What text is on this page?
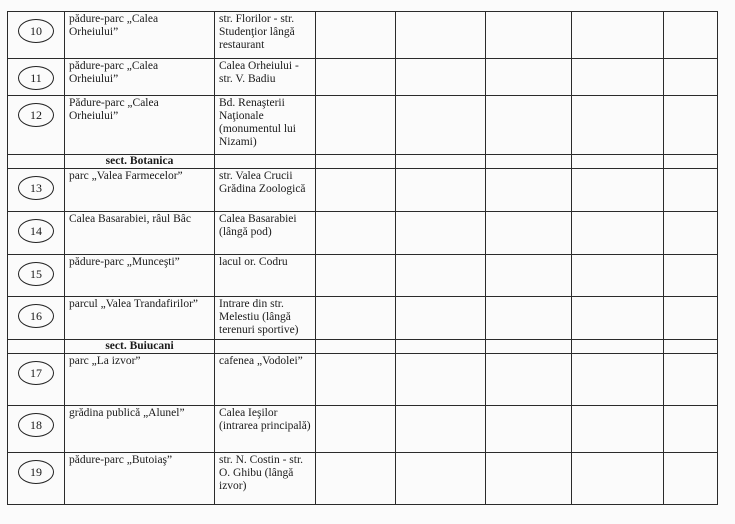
10	pădure-parc „Calea Orheiului”	str. Florilor - str. Studenţior lângă restaurant					
11	pădure-parc „Calea Orheiului”	Calea Orheiului - str. V. Badiu					
12	Pădure-parc „Calea Orheiului”	Bd. Renaşterii Naţionale (monumentul lui Nizami)					
	sect. Botanica						
13	parc „Valea Farmecelor”	str. Valea Crucii Grădina Zoologică					
14	Calea Basarabiei, râul Bâc	Calea Basarabiei (lângă pod)					
15	pădure-parc „Munceşti”	lacul or. Codru					
16	parcul „Valea Trandafirilor”	Intrare din str. Melestiu (lângă terenuri sportive)					
	sect. Buiucani						
17	parc „La izvor”	cafenea „Vodolei”					
18	grădina publică „Alunel”	Calea Ieşilor (intrarea principală)					
19	pădure-parc „Butoiaş”	str. N. Costin - str. O. Ghibu (lângă izvor)					
